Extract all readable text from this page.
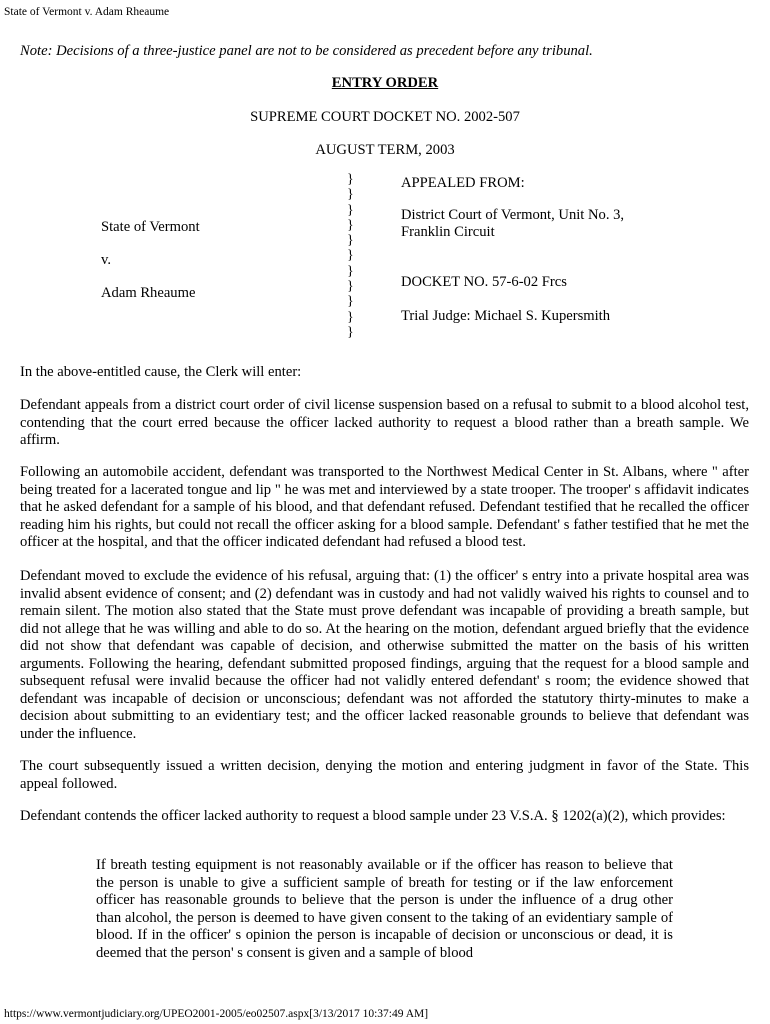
State of Vermont v. Adam Rheaume
Note: Decisions of a three-justice panel are not to be considered as precedent before any tribunal.
ENTRY ORDER
SUPREME COURT DOCKET NO. 2002-507
AUGUST TERM, 2003
}
}
}
}
}
}
}
}
}
}
}
State of Vermont
v.
Adam Rheaume
APPEALED FROM:
District Court of Vermont, Unit No. 3,
Franklin Circuit
DOCKET NO. 57-6-02 Frcs
Trial Judge: Michael S. Kupersmith

In the above-entitled cause, the Clerk will enter:

Defendant appeals from a district court order of civil license suspension based on a refusal to submit to a blood alcohol test, contending that the court erred because the officer lacked authority to request a blood rather than a breath sample. We affirm.

Following an automobile accident, defendant was transported to the Northwest Medical Center in St. Albans, where " after being treated for a lacerated tongue and lip " he was met and interviewed by a state trooper. The trooper' s affidavit indicates that he asked defendant for a sample of his blood, and that defendant refused. Defendant testified that he recalled the officer reading him his rights, but could not recall the officer asking for a blood sample. Defendant' s father testified that he met the officer at the hospital, and that the officer indicated defendant had refused a blood test.

Defendant moved to exclude the evidence of his refusal, arguing that: (1) the officer' s entry into a private hospital area was invalid absent evidence of consent; and (2) defendant was in custody and had not validly waived his rights to counsel and to remain silent. The motion also stated that the State must prove defendant was incapable of providing a breath sample, but did not allege that he was willing and able to do so. At the hearing on the motion, defendant argued briefly that the evidence did not show that defendant was capable of decision, and otherwise submitted the matter on the basis of his written arguments. Following the hearing, defendant submitted proposed findings, arguing that the request for a blood sample and subsequent refusal were invalid because the officer had not validly entered defendant' s room; the evidence showed that defendant was incapable of decision or unconscious; defendant was not afforded the statutory thirty-minutes to make a decision about submitting to an evidentiary test; and the officer lacked reasonable grounds to believe that defendant was under the influence.

The court subsequently issued a written decision, denying the motion and entering judgment in favor of the State. This appeal followed.

Defendant contends the officer lacked authority to request a blood sample under 23 V.S.A. § 1202(a)(2), which provides:

If breath testing equipment is not reasonably available or if the officer has reason to believe that the person is unable to give a sufficient sample of breath for testing or if the law enforcement officer has reasonable grounds to believe that the person is under the influence of a drug other than alcohol, the person is deemed to have given consent to the taking of an evidentiary sample of blood. If in the officer' s opinion the person is incapable of decision or unconscious or dead, it is deemed that the person' s consent is given and a sample of blood
https://www.vermontjudiciary.org/UPEO2001-2005/eo02507.aspx[3/13/2017 10:37:49 AM]
